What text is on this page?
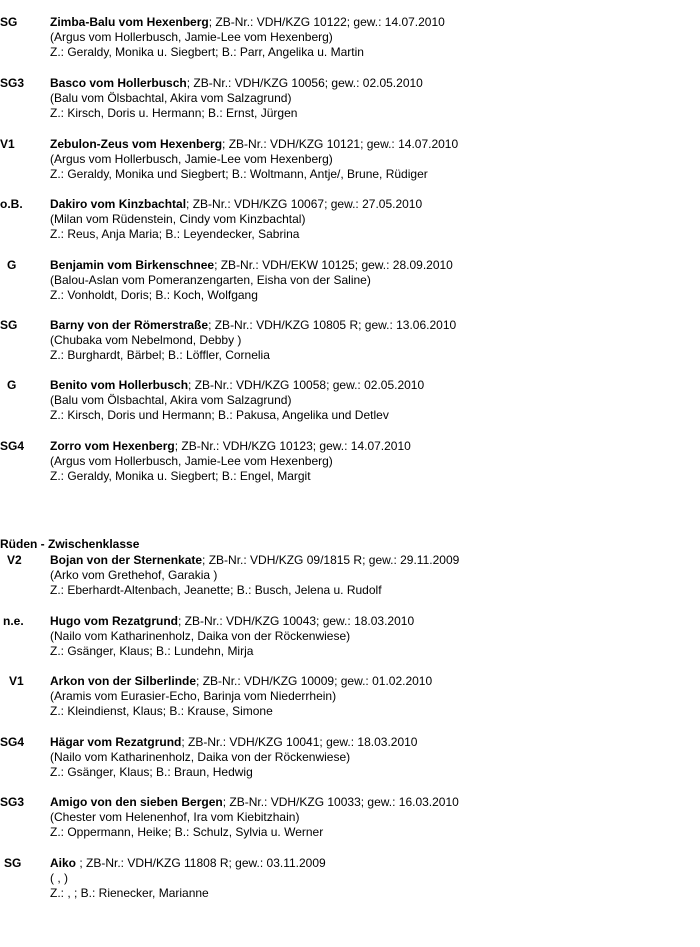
SG	Zimba-Balu vom Hexenberg; ZB-Nr.: VDH/KZG 10122; gew.: 14.07.2010
(Argus vom Hollerbusch, Jamie-Lee vom Hexenberg)
Z.: Geraldy, Monika u. Siegbert; B.: Parr, Angelika u. Martin
SG3	Basco vom Hollerbusch; ZB-Nr.: VDH/KZG 10056; gew.: 02.05.2010
(Balu vom Ölsbachtal, Akira vom Salzagrund)
Z.: Kirsch, Doris u. Hermann; B.: Ernst, Jürgen
V1	Zebulon-Zeus vom Hexenberg; ZB-Nr.: VDH/KZG 10121; gew.: 14.07.2010
(Argus vom Hollerbusch, Jamie-Lee vom Hexenberg)
Z.: Geraldy, Monika und Siegbert; B.: Woltmann, Antje/, Brune, Rüdiger
o.B.	Dakiro vom Kinzbachtal; ZB-Nr.: VDH/KZG 10067; gew.: 27.05.2010
(Milan vom Rüdenstein, Cindy vom Kinzbachtal)
Z.: Reus, Anja Maria; B.: Leyendecker, Sabrina
G	Benjamin vom Birkenschnee; ZB-Nr.: VDH/EKW 10125; gew.: 28.09.2010
(Balou-Aslan vom Pomeranzengarten, Eisha von der Saline)
Z.: Vonholdt, Doris; B.: Koch, Wolfgang
SG	Barny von der Römerstraße; ZB-Nr.: VDH/KZG 10805 R; gew.: 13.06.2010
(Chubaka vom Nebelmond, Debby )
Z.: Burghardt, Bärbel; B.: Löffler, Cornelia
G	Benito vom Hollerbusch; ZB-Nr.: VDH/KZG 10058; gew.: 02.05.2010
(Balu vom Ölsbachtal, Akira vom Salzagrund)
Z.: Kirsch, Doris und Hermann; B.: Pakusa, Angelika und Detlev
SG4	Zorro vom Hexenberg; ZB-Nr.: VDH/KZG 10123; gew.: 14.07.2010
(Argus vom Hollerbusch, Jamie-Lee vom Hexenberg)
Z.: Geraldy, Monika u. Siegbert; B.: Engel, Margit
Rüden - Zwischenklasse
V2	Bojan von der Sternenkate; ZB-Nr.: VDH/KZG 09/1815 R; gew.: 29.11.2009
(Arko vom Grethehof, Garakia )
Z.: Eberhardt-Altenbach, Jeanette; B.: Busch, Jelena u. Rudolf
n.e.	Hugo vom Rezatgrund; ZB-Nr.: VDH/KZG 10043; gew.: 18.03.2010
(Nailo vom Katharinenholz, Daika von der Röckenwiese)
Z.: Gsänger, Klaus; B.: Lundehn, Mirja
V1	Arkon von der Silberlinde; ZB-Nr.: VDH/KZG 10009; gew.: 01.02.2010
(Aramis vom Eurasier-Echo, Barinja vom Niederrhein)
Z.: Kleindienst, Klaus; B.: Krause, Simone
SG4	Hägar vom Rezatgrund; ZB-Nr.: VDH/KZG 10041; gew.: 18.03.2010
(Nailo vom Katharinenholz, Daika von der Röckenwiese)
Z.: Gsänger, Klaus; B.: Braun, Hedwig
SG3	Amigo von den sieben Bergen; ZB-Nr.: VDH/KZG 10033; gew.: 16.03.2010
(Chester vom Helenenhof, Ira vom Kiebitzhain)
Z.: Oppermann, Heike; B.: Schulz, Sylvia u. Werner
SG	Aiko ; ZB-Nr.: VDH/KZG 11808 R; gew.: 03.11.2009
( , )
Z.: , ; B.: Rienecker, Marianne
